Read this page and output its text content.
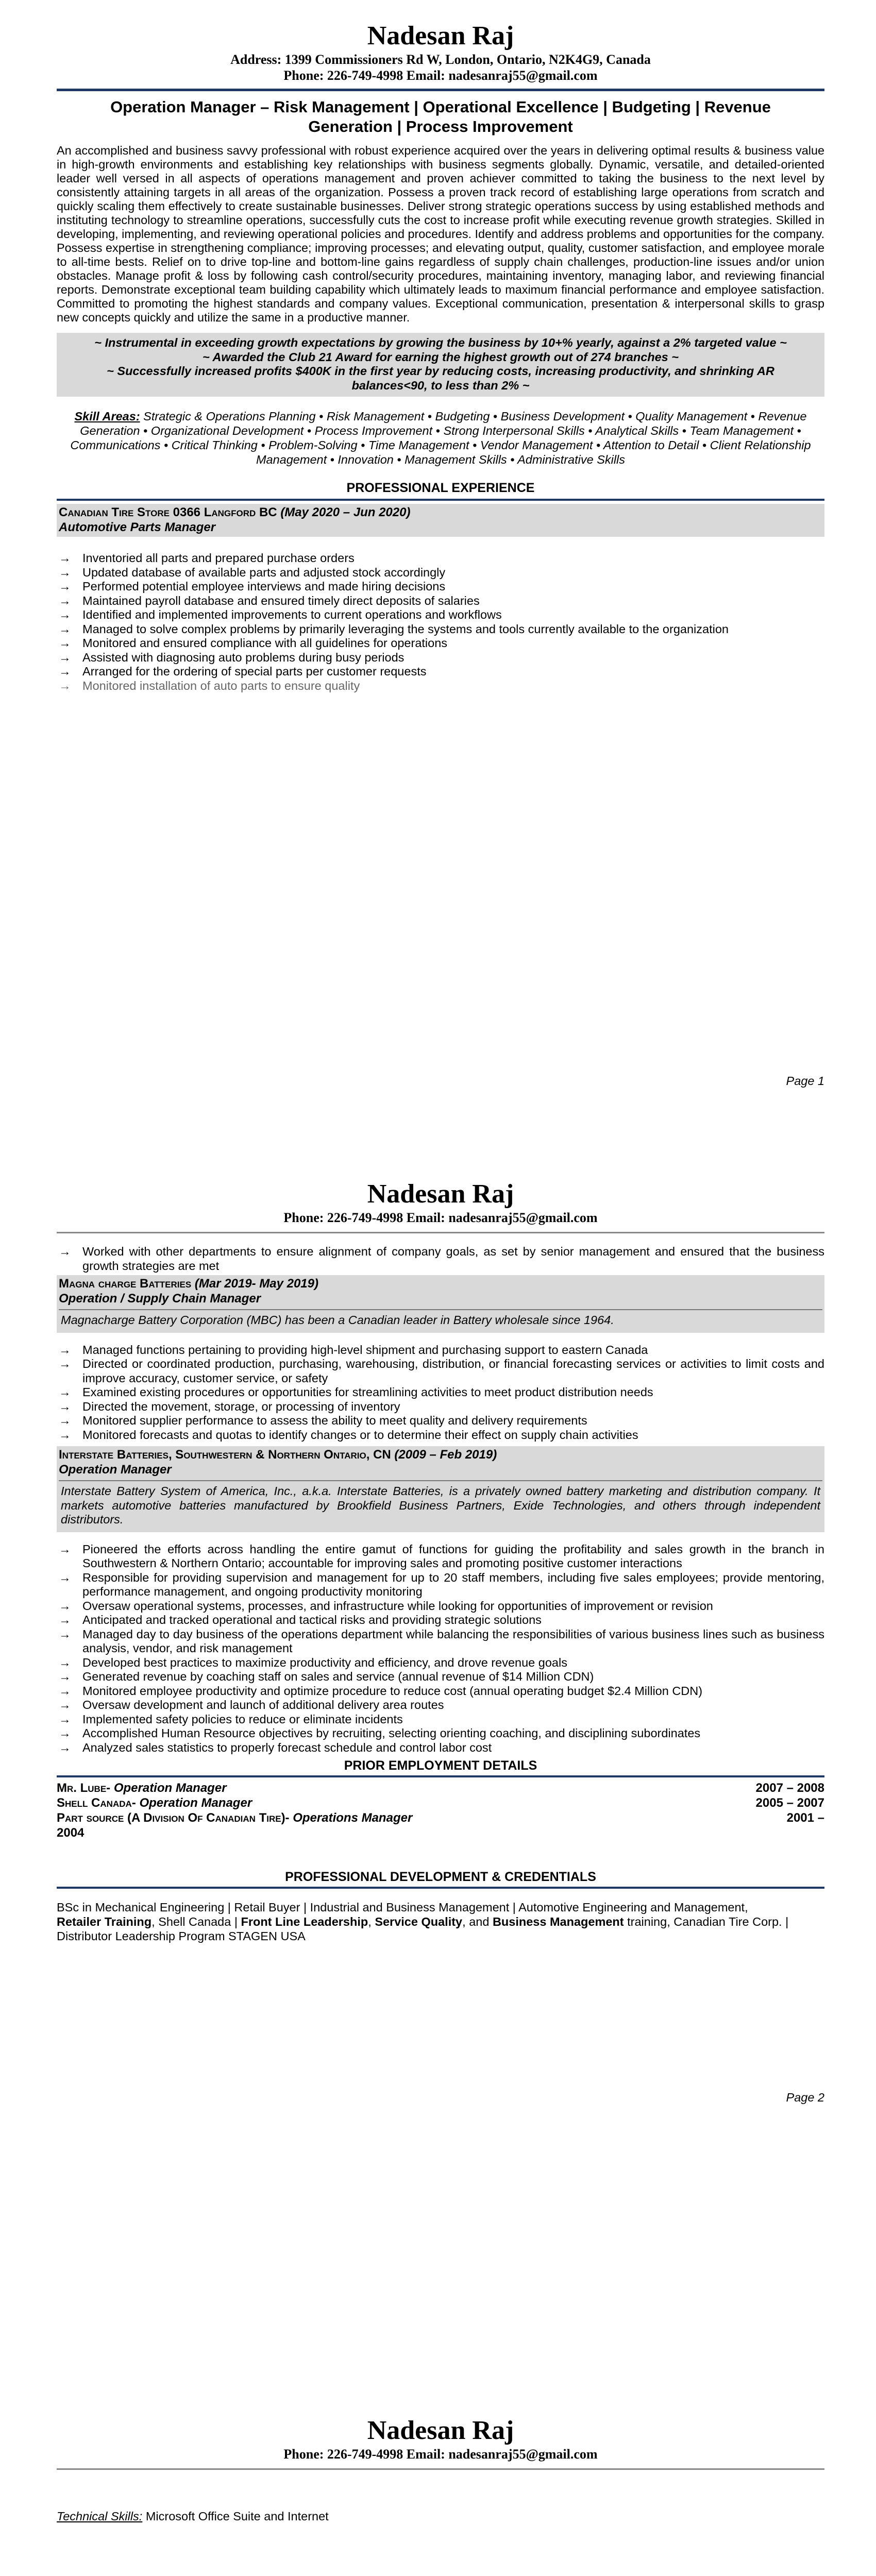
Nadesan Raj
Address: 1399 Commissioners Rd W, London, Ontario, N2K4G9, Canada
Phone: 226-749-4998 Email: nadesanraj55@gmail.com
Operation Manager – Risk Management | Operational Excellence | Budgeting | Revenue Generation | Process Improvement

An accomplished and business savvy professional with robust experience acquired over the years in delivering optimal results & business value in high-growth environments and establishing key relationships with business segments globally. Dynamic, versatile, and detailed-oriented leader well versed in all aspects of operations management and proven achiever committed to taking the business to the next level by consistently attaining targets in all areas of the organization. Possess a proven track record of establishing large operations from scratch and quickly scaling them effectively to create sustainable businesses. Deliver strong strategic operations success by using established methods and instituting technology to streamline operations, successfully cuts the cost to increase profit while executing revenue growth strategies. Skilled in developing, implementing, and reviewing operational policies and procedures. Identify and address problems and opportunities for the company. Possess expertise in strengthening compliance; improving processes; and elevating output, quality, customer satisfaction, and employee morale to all-time bests. Relief on to drive top-line and bottom-line gains regardless of supply chain challenges, production-line issues and/or union obstacles. Manage profit & loss by following cash control/security procedures, maintaining inventory, managing labor, and reviewing financial reports. Demonstrate exceptional team building capability which ultimately leads to maximum financial performance and employee satisfaction. Committed to promoting the highest standards and company values. Exceptional communication, presentation & interpersonal skills to grasp new concepts quickly and utilize the same in a productive manner.

~ Instrumental in exceeding growth expectations by growing the business by 10+% yearly, against a 2% targeted value ~
~ Awarded the Club 21 Award for earning the highest growth out of 274 branches ~
~ Successfully increased profits $400K in the first year by reducing costs, increasing productivity, and shrinking AR balances<90, to less than 2% ~
Skill Areas: Strategic & Operations Planning • Risk Management • Budgeting • Business Development • Quality Management • Revenue Generation • Organizational Development • Process Improvement • Strong Interpersonal Skills • Analytical Skills • Team Management • Communications • Critical Thinking • Problem-Solving • Time Management • Vendor Management • Attention to Detail • Client Relationship Management • Innovation • Management Skills • Administrative Skills
PROFESSIONAL EXPERIENCE
Canadian Tire Store 0366 Langford BC (May 2020 – Jun 2020)
Automotive Parts Manager
→ Inventoried all parts and prepared purchase orders
→ Updated database of available parts and adjusted stock accordingly
→ Performed potential employee interviews and made hiring decisions
→ Maintained payroll database and ensured timely direct deposits of salaries
→ Identified and implemented improvements to current operations and workflows
→ Managed to solve complex problems by primarily leveraging the systems and tools currently available to the organization
→ Monitored and ensured compliance with all guidelines for operations
→ Assisted with diagnosing auto problems during busy periods
→ Arranged for the ordering of special parts per customer requests
→ Monitored installation of auto parts to ensure quality
Page 1
Nadesan Raj
Phone: 226-749-4998 Email: nadesanraj55@gmail.com
→ Worked with other departments to ensure alignment of company goals, as set by senior management and ensured that the business growth strategies are met
Magna charge Batteries (Mar 2019- May 2019)
Operation / Supply Chain Manager
Magnacharge Battery Corporation (MBC) has been a Canadian leader in Battery wholesale since 1964.
→ Managed functions pertaining to providing high-level shipment and purchasing support to eastern Canada
→ Directed or coordinated production, purchasing, warehousing, distribution, or financial forecasting services or activities to limit costs and improve accuracy, customer service, or safety
→ Examined existing procedures or opportunities for streamlining activities to meet product distribution needs
→ Directed the movement, storage, or processing of inventory
→ Monitored supplier performance to assess the ability to meet quality and delivery requirements
→ Monitored forecasts and quotas to identify changes or to determine their effect on supply chain activities
Interstate Batteries, Southwestern & Northern Ontario, CN (2009 – Feb 2019)
Operation Manager
Interstate Battery System of America, Inc., a.k.a. Interstate Batteries, is a privately owned battery marketing and distribution company. It markets automotive batteries manufactured by Brookfield Business Partners, Exide Technologies, and others through independent distributors.
→ Pioneered the efforts across handling the entire gamut of functions for guiding the profitability and sales growth in the branch in Southwestern & Northern Ontario; accountable for improving sales and promoting positive customer interactions
→ Responsible for providing supervision and management for up to 20 staff members, including five sales employees; provide mentoring, performance management, and ongoing productivity monitoring
→ Oversaw operational systems, processes, and infrastructure while looking for opportunities of improvement or revision
→ Anticipated and tracked operational and tactical risks and providing strategic solutions
→ Managed day to day business of the operations department while balancing the responsibilities of various business lines such as business analysis, vendor, and risk management
→ Developed best practices to maximize productivity and efficiency, and drove revenue goals
→ Generated revenue by coaching staff on sales and service (annual revenue of $14 Million CDN)
→ Monitored employee productivity and optimize procedure to reduce cost (annual operating budget $2.4 Million CDN)
→ Oversaw development and launch of additional delivery area routes
→ Implemented safety policies to reduce or eliminate incidents
→ Accomplished Human Resource objectives by recruiting, selecting orienting coaching, and disciplining subordinates
→ Analyzed sales statistics to properly forecast schedule and control labor cost
PRIOR EMPLOYMENT DETAILS
Mr. Lube- Operation Manager	2007 – 2008
Shell Canada- Operation Manager	2005 – 2007
Part source (A Division Of Canadian Tire)- Operations Manager	2001 –
2004
PROFESSIONAL DEVELOPMENT & CREDENTIALS
BSc in Mechanical Engineering | Retail Buyer | Industrial and Business Management | Automotive Engineering and Management,
Retailer Training, Shell Canada | Front Line Leadership, Service Quality, and Business Management training, Canadian Tire Corp. | Distributor Leadership Program STAGEN USA
Page 2
Nadesan Raj
Phone: 226-749-4998 Email: nadesanraj55@gmail.com

Technical Skills: Microsoft Office Suite and Internet
